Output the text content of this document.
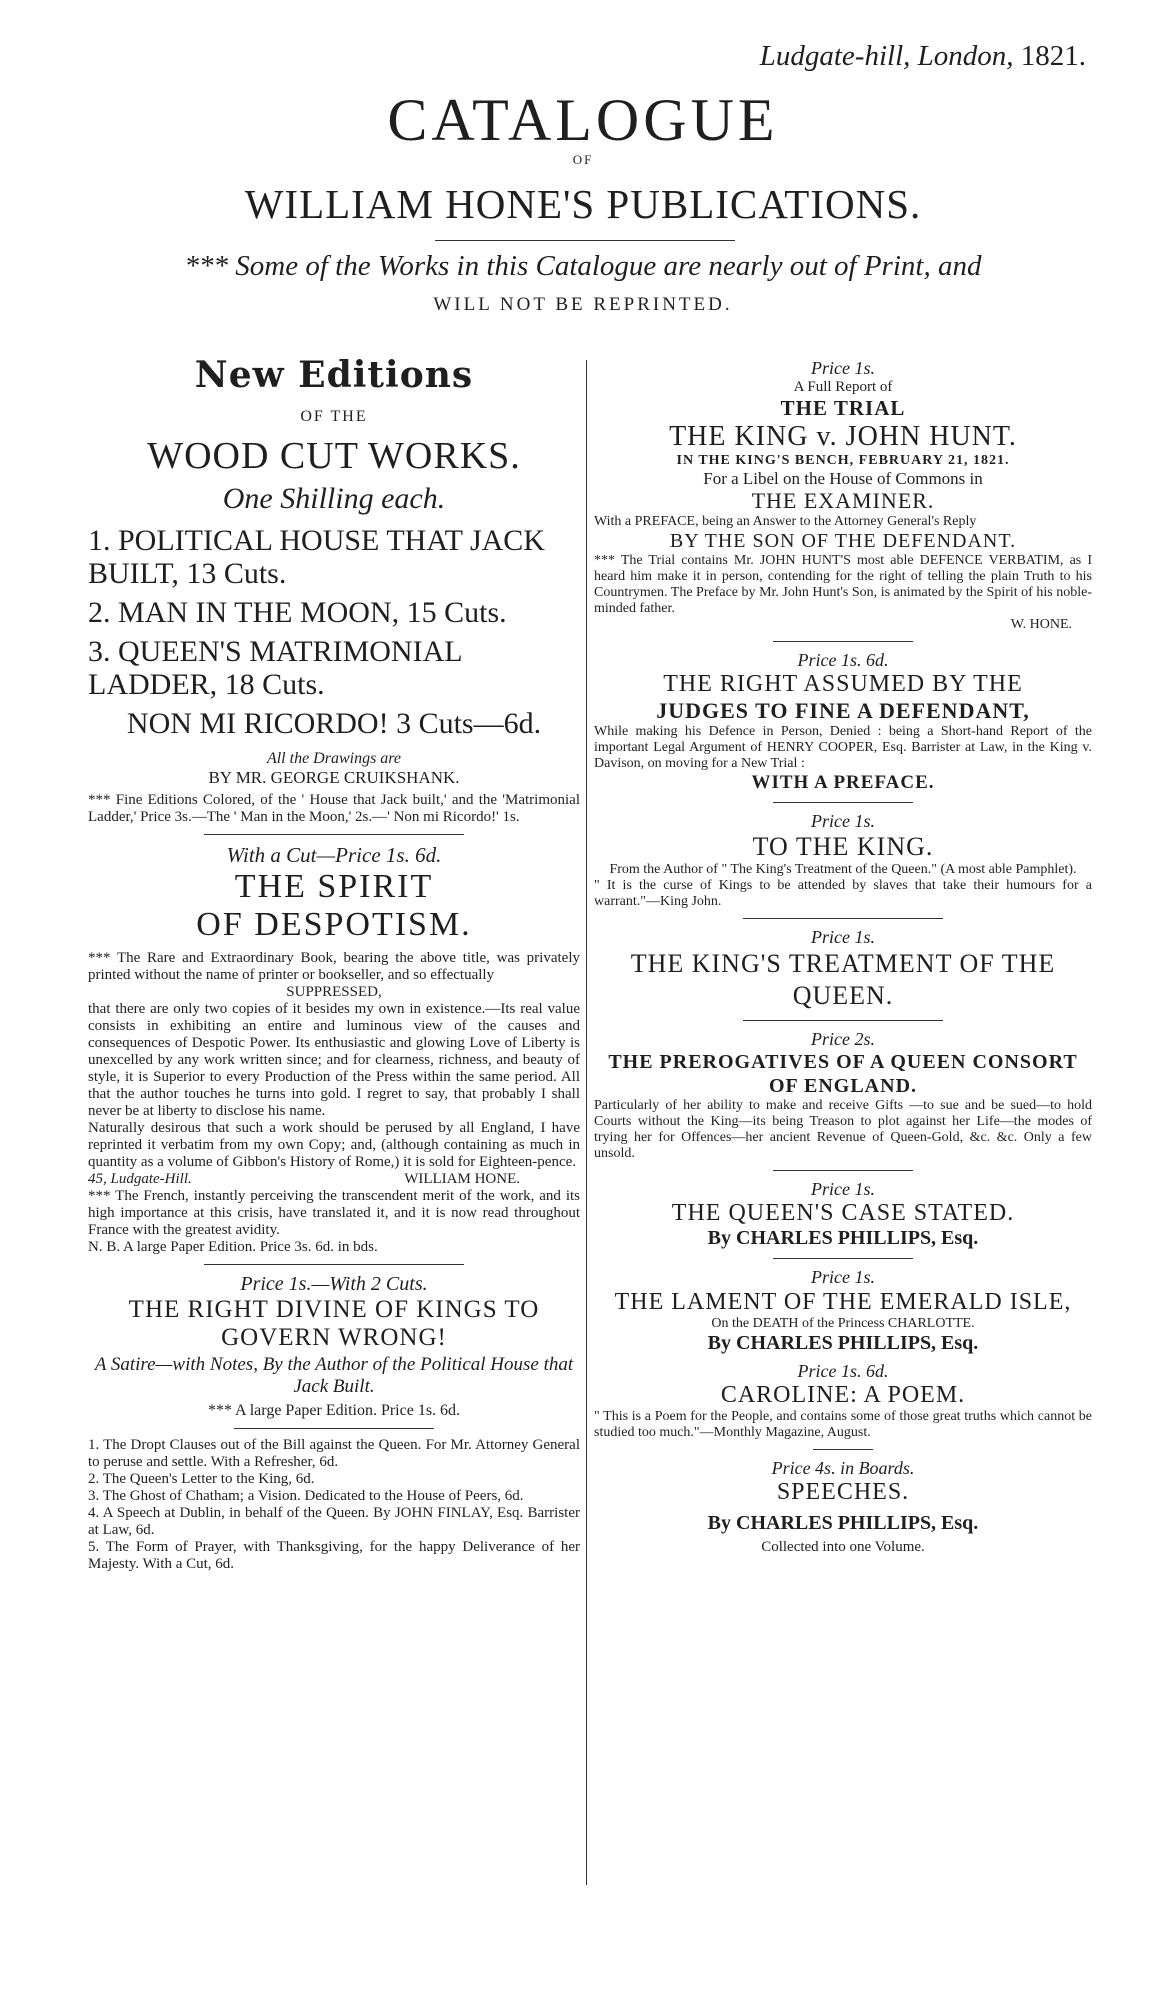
Ludgate-hill, London, 1821.
CATALOGUE
OF
WILLIAM HONE'S PUBLICATIONS.
*** Some of the Works in this Catalogue are nearly out of Print, and
WILL NOT BE REPRINTED.
New Editions

OF THE

WOOD CUT WORKS.

One Shilling each.

1. POLITICAL HOUSE THAT JACK BUILT, 13 Cuts.

2. MAN IN THE MOON, 15 Cuts.

3. QUEEN'S MATRIMONIAL LADDER, 18 Cuts.

NON MI RICORDO! 3 Cuts—6d.

All the Drawings are

BY MR. GEORGE CRUIKSHANK.

*** Fine Editions Colored, of the ' House that Jack built,' and the 'Matrimonial Ladder,' Price 3s.—The ' Man in the Moon,' 2s.—' Non mi Ricordo!' 1s.

With a Cut—Price 1s. 6d.

THE SPIRIT

OF DESPOTISM.

*** The Rare and Extraordinary Book, bearing the above title, was privately printed without the name of printer or bookseller, and so effectually

SUPPRESSED,

that there are only two copies of it besides my own in existence.—Its real value consists in exhibiting an entire and luminous view of the causes and consequences of Despotic Power. Its enthusiastic and glowing Love of Liberty is unexcelled by any work written since; and for clearness, richness, and beauty of style, it is Superior to every Production of the Press within the same period. All that the author touches he turns into gold. I regret to say, that probably I shall never be at liberty to disclose his name.

Naturally desirous that such a work should be perused by all England, I have reprinted it verbatim from my own Copy; and, (although containing as much in quantity as a volume of Gibbon's History of Rome,) it is sold for Eighteen-pence.

45, Ludgate-Hill.	WILLIAM HONE.

*** The French, instantly perceiving the transcendent merit of the work, and its high importance at this crisis, have translated it, and it is now read throughout France with the greatest avidity.

N. B. A large Paper Edition. Price 3s. 6d. in bds.

Price 1s.—With 2 Cuts.

THE RIGHT DIVINE OF KINGS TO GOVERN WRONG!

A Satire—with Notes, By the Author of the Political House that Jack Built.

*** A large Paper Edition. Price 1s. 6d.

1. The Dropt Clauses out of the Bill against the Queen. For Mr. Attorney General to peruse and settle. With a Refresher, 6d.

2. The Queen's Letter to the King, 6d.

3. The Ghost of Chatham; a Vision. Dedicated to the House of Peers, 6d.

4. A Speech at Dublin, in behalf of the Queen. By JOHN FINLAY, Esq. Barrister at Law, 6d.

5. The Form of Prayer, with Thanksgiving, for the happy Deliverance of her Majesty. With a Cut, 6d.

Price 1s.

A Full Report of

THE TRIAL

THE KING v. JOHN HUNT.

IN THE KING'S BENCH, FEBRUARY 21, 1821.

For a Libel on the House of Commons in

THE EXAMINER.

With a PREFACE, being an Answer to the Attorney General's Reply

BY THE SON OF THE DEFENDANT.

*** The Trial contains Mr. JOHN HUNT'S most able DEFENCE VERBATIM, as I heard him make it in person, contending for the right of telling the plain Truth to his Countrymen. The Preface by Mr. John Hunt's Son, is animated by the Spirit of his noble-minded father.

W. HONE.

Price 1s. 6d.

THE RIGHT ASSUMED BY THE

JUDGES TO FINE A DEFENDANT,

While making his Defence in Person, Denied : being a Short-hand Report of the important Legal Argument of HENRY COOPER, Esq. Barrister at Law, in the King v. Davison, on moving for a New Trial :

WITH A PREFACE.

Price 1s.

TO THE KING.

From the Author of " The King's Treatment of the Queen." (A most able Pamphlet).

" It is the curse of Kings to be attended by slaves that take their humours for a warrant."—King John.

Price 1s.

THE KING'S TREATMENT OF THE QUEEN.

Price 2s.

THE PREROGATIVES OF A QUEEN CONSORT OF ENGLAND.

Particularly of her ability to make and receive Gifts —to sue and be sued—to hold Courts without the King—its being Treason to plot against her Life—the modes of trying her for Offences—her ancient Revenue of Queen-Gold, &c. &c. Only a few unsold.

Price 1s.

THE QUEEN'S CASE STATED.

By CHARLES PHILLIPS, Esq.

Price 1s.

THE LAMENT OF THE EMERALD ISLE,

On the DEATH of the Princess CHARLOTTE.

By CHARLES PHILLIPS, Esq.

Price 1s. 6d.

CAROLINE: A POEM.

" This is a Poem for the People, and contains some of those great truths which cannot be studied too much."—Monthly Magazine, August.

Price 4s. in Boards.

SPEECHES.

By CHARLES PHILLIPS, Esq.

Collected into one Volume.
